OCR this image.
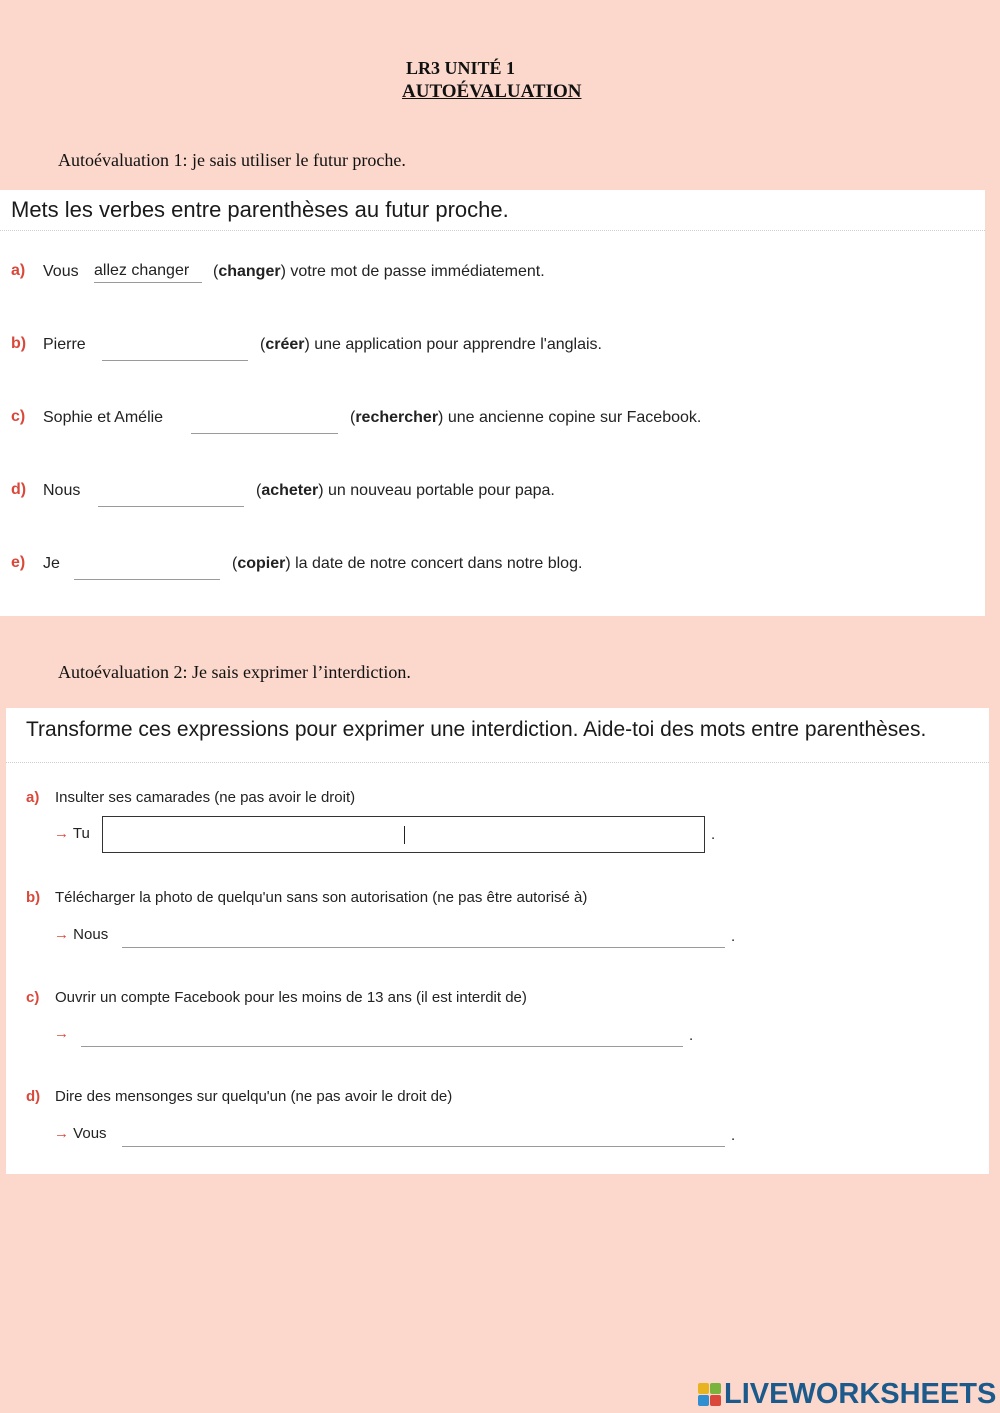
LR3 UNITÉ 1
AUTOÉVALUATION
Autoévaluation 1: je sais utiliser le futur proche.
Mets les verbes entre parenthèses au futur proche.
a) Vous allez changer	(changer) votre mot de passe immédiatement.
b) Pierre	(créer) une application pour apprendre l'anglais.
c) Sophie et Amélie	(rechercher) une ancienne copine sur Facebook.
d) Nous	(acheter) un nouveau portable pour papa.
e) Je	(copier) la date de notre concert dans notre blog.
Autoévaluation 2: Je sais exprimer l’interdiction.
Transforme ces expressions pour exprimer une interdiction. Aide-toi des mots entre parenthèses.
a) Insulter ses camarades (ne pas avoir le droit)
→ Tu	.
b) Télécharger la photo de quelqu'un sans son autorisation (ne pas être autorisé à)
→ Nous	.
c) Ouvrir un compte Facebook pour les moins de 13 ans (il est interdit de)
→	.
d) Dire des mensonges sur quelqu'un (ne pas avoir le droit de)
→ Vous	.
LIVEWORKSHEETS
